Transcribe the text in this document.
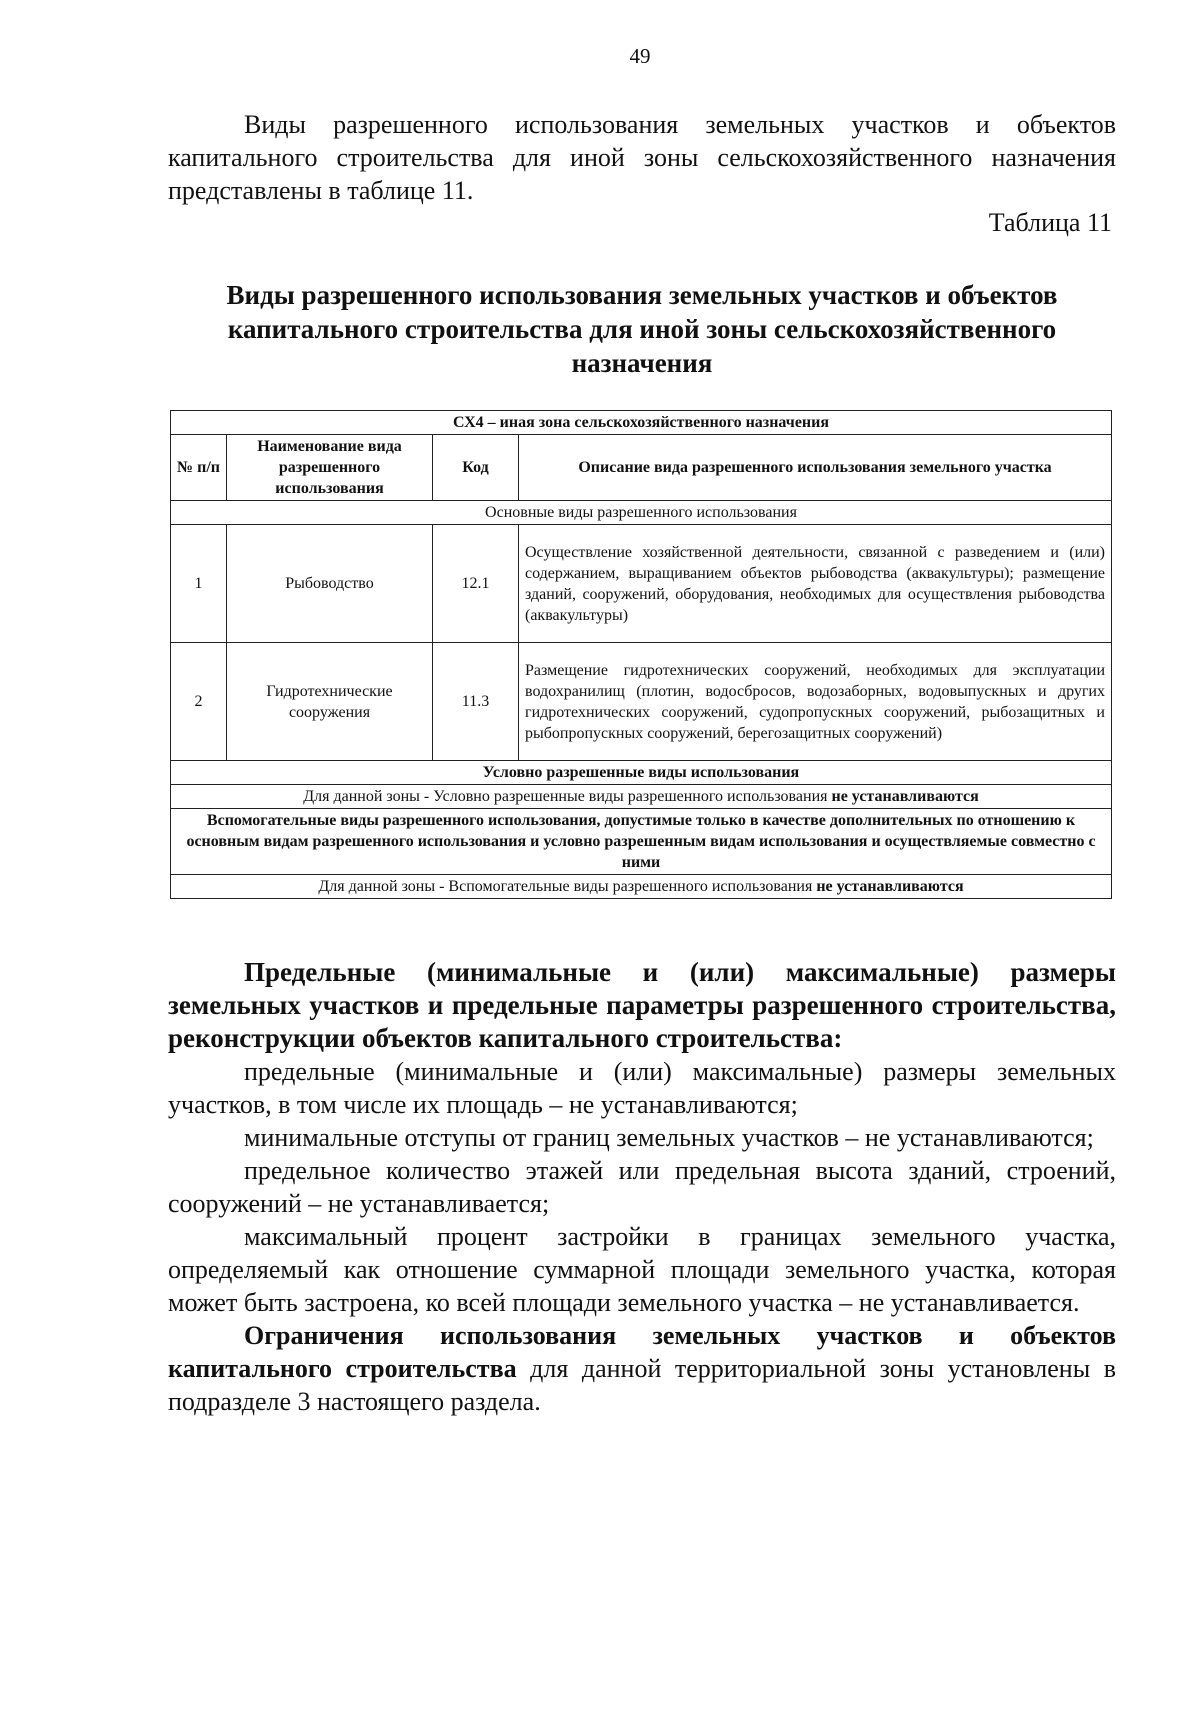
49

Виды разрешенного использования земельных участков и объектов капитального строительства для иной зоны сельскохозяйственного назначения представлены в таблице 11.

Таблица 11
Виды разрешенного использования земельных участков и объектов капитального строительства для иной зоны сельскохозяйственного назначения
СХ4 – иная зона сельскохозяйственного назначения			
№ п/п	Наименование вида разрешенного использования	Код	Описание вида разрешенного использования земельного участка
Основные виды разрешенного использования			
1	Рыбоводство	12.1	Осуществление хозяйственной деятельности, связанной с разведением и (или) содержанием, выращиванием объектов рыбоводства (аквакультуры); размещение зданий, сооружений, оборудования, необходимых для осуществления рыбоводства (аквакультуры)
2	Гидротехнические сооружения	11.3	Размещение гидротехнических сооружений, необходимых для эксплуатации водохранилищ (плотин, водосбросов, водозаборных, водовыпускных и других гидротехнических сооружений, судопропускных сооружений, рыбозащитных и рыбопропускных сооружений, берегозащитных сооружений)
Условно разрешенные виды использования			
Для данной зоны - Условно разрешенные виды разрешенного использования не устанавливаются			
Вспомогательные виды разрешенного использования, допустимые только в качестве дополнительных по отношению к основным видам разрешенного использования и условно разрешенным видам использования и осуществляемые совместно с ними			
Для данной зоны - Вспомогательные виды разрешенного использования не устанавливаются			

Предельные (минимальные и (или) максимальные) размеры земельных участков и предельные параметры разрешенного строительства, реконструкции объектов капитального строительства:

предельные (минимальные и (или) максимальные) размеры земельных участков, в том числе их площадь – не устанавливаются;

минимальные отступы от границ земельных участков – не устанавливаются;

предельное количество этажей или предельная высота зданий, строений, сооружений – не устанавливается;

максимальный процент застройки в границах земельного участка, определяемый как отношение суммарной площади земельного участка, которая может быть застроена, ко всей площади земельного участка – не устанавливается.

Ограничения использования земельных участков и объектов капитального строительства для данной территориальной зоны установлены в подразделе 3 настоящего раздела.
